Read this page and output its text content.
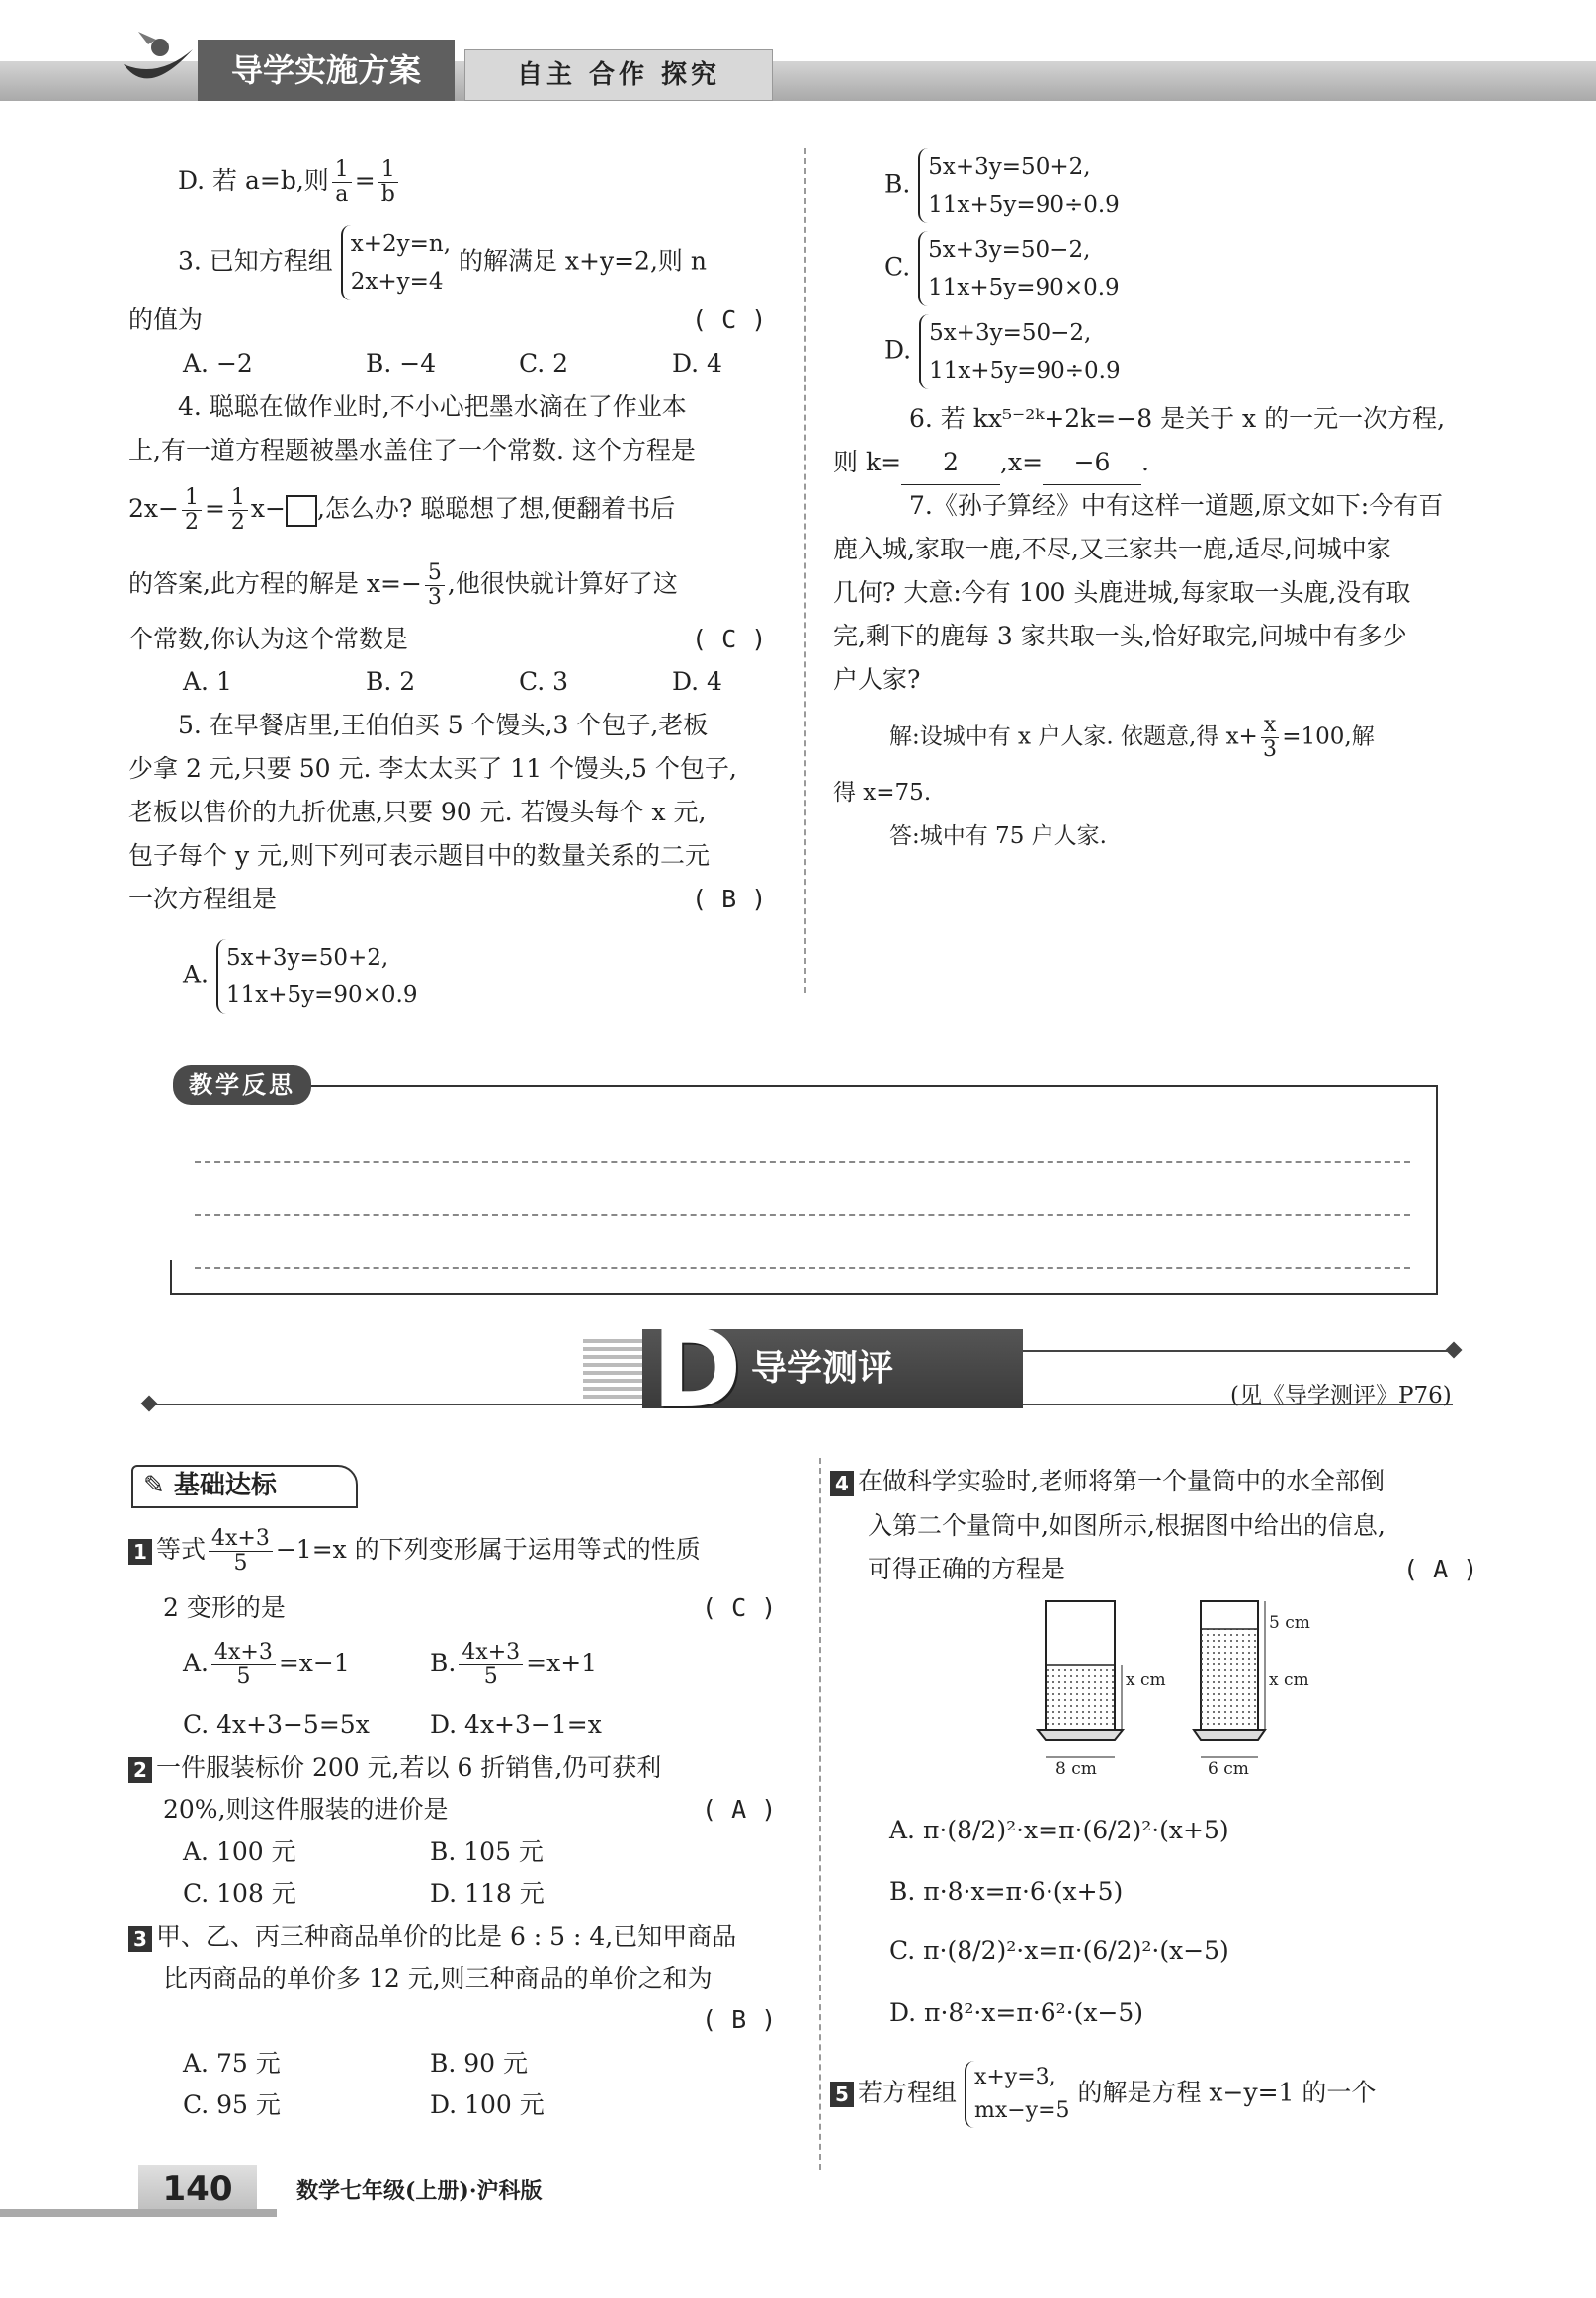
导学实施方案	自主 合作 探究
D. 若 a=b,则 $\frac{1}{a} = \frac{1}{b}$
3. 已知方程组
x+2y=n,
2x+y=4
的解满足 x+y=2,则 n
的值为	( C )
A. −2	B. −4	C. 2	D. 4
4. 聪聪在做作业时,不小心把墨水滴在了作业本
上,有一道方程题被墨水盖住了一个常数. 这个方程是
$2x- \frac{1}{2} = \frac{1}{2} x-$ ,怎么办? 聪聪想了想,便翻着书后
的答案,此方程的解是 $x=- \frac{5}{3}$ ,他很快就计算好了这
个常数,你认为这个常数是	( C )
A. 1	B. 2	C. 3	D. 4
5. 在早餐店里,王伯伯买 5 个馒头,3 个包子,老板
少拿 2 元,只要 50 元. 李太太买了 11 个馒头,5 个包子,
老板以售价的九折优惠,只要 90 元. 若馒头每个 x 元,
包子每个 y 元,则下列可表示题目中的数量关系的二元
一次方程组是	( B )
A.
5x+3y=50+2,
11x+5y=90×0.9
B.
5x+3y=50+2,
11x+5y=90÷0.9
C.
5x+3y=50−2,
11x+5y=90×0.9
D.
5x+3y=50−2,
11x+5y=90÷0.9
6. 若 kx⁵⁻²ᵏ+2k=−8 是关于 x 的一元一次方程,
则 k= 2 ,x= −6 .
7.《孙子算经》中有这样一道题,原文如下:今有百
鹿入城,家取一鹿,不尽,又三家共一鹿,适尽,问城中家
几何? 大意:今有 100 头鹿进城,每家取一头鹿,没有取
完,剩下的鹿每 3 家共取一头,恰好取完,问城中有多少
户人家?
解:设城中有 x 户人家. 依题意,得 $x+ \frac{x}{3} =100$,解
得 x=75.
答:城中有 75 户人家.
教学反思
D 导学测评
(见《导学测评》P76)
✎ 基础达标
1 等式 $\frac{4x+3}{5} -1=x$ 的下列变形属于运用等式的性质
2 变形的是	( C )
A. $\frac{4x+3}{5} =x-1$	B. $\frac{4x+3}{5} =x+1$
C. 4x+3−5=5x D. 4x+3−1=x
2 一件服装标价 200 元,若以 6 折销售,仍可获利
20%,则这件服装的进价是	( A )
A. 100 元	B. 105 元
C. 108 元	D. 118 元
3 甲、乙、丙三种商品单价的比是 6 : 5 : 4,已知甲商品
比丙商品的单价多 12 元,则三种商品的单价之和为
( B )
A. 75 元	B. 90 元
C. 95 元	D. 100 元
4 在做科学实验时,老师将第一个量筒中的水全部倒
入第二个量筒中,如图所示,根据图中给出的信息,
可得正确的方程是	( A )
x cm	x cm
5 cm
8 cm	6 cm
A. π·(8/2)²·x=π·(6/2)²·(x+5)
B. π·8·x=π·6·(x+5)
C. π·(8/2)²·x=π·(6/2)²·(x−5)
D. π·8²·x=π·6²·(x−5)
5 若方程组
x+y=3,
mx−y=5
的解是方程 x−y=1 的一个
140	数学七年级(上册)·沪科版
